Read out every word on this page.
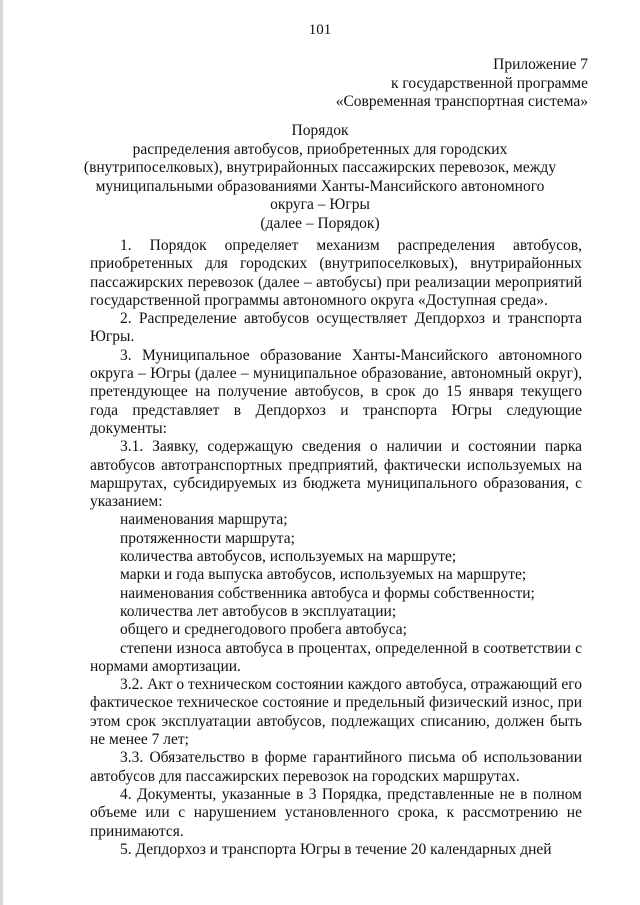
101
Приложение 7
к государственной программе
«Современная транспортная система»
Порядок
распределения автобусов, приобретенных для городских
(внутрипоселковых), внутрирайонных пассажирских перевозок, между
муниципальными образованиями Ханты-Мансийского автономного
округа – Югры
(далее – Порядок)

1. Порядок определяет механизм распределения автобусов, приобретенных для городских (внутрипоселковых), внутрирайонных пассажирских перевозок (далее – автобусы) при реализации мероприятий государственной программы автономного округа «Доступная среда».

2. Распределение автобусов осуществляет Депдорхоз и транспорта Югры.

3. Муниципальное образование Ханты-Мансийского автономного округа – Югры (далее – муниципальное образование, автономный округ), претендующее на получение автобусов, в срок до 15 января текущего года представляет в Депдорхоз и транспорта Югры следующие документы:

3.1. Заявку, содержащую сведения о наличии и состоянии парка автобусов автотранспортных предприятий, фактически используемых на маршрутах, субсидируемых из бюджета муниципального образования, с указанием:

наименования маршрута;

протяженности маршрута;

количества автобусов, используемых на маршруте;

марки и года выпуска автобусов, используемых на маршруте;

наименования собственника автобуса и формы собственности;

количества лет автобусов в эксплуатации;

общего и среднегодового пробега автобуса;

степени износа автобуса в процентах, определенной в соответствии с нормами амортизации.

3.2. Акт о техническом состоянии каждого автобуса, отражающий его фактическое техническое состояние и предельный физический износ, при этом срок эксплуатации автобусов, подлежащих списанию, должен быть не менее 7 лет;

3.3. Обязательство в форме гарантийного письма об использовании автобусов для пассажирских перевозок на городских маршрутах.

4. Документы, указанные в 3 Порядка, представленные не в полном объеме или с нарушением установленного срока, к рассмотрению не принимаются.

5. Депдорхоз и транспорта Югры в течение 20 календарных дней
